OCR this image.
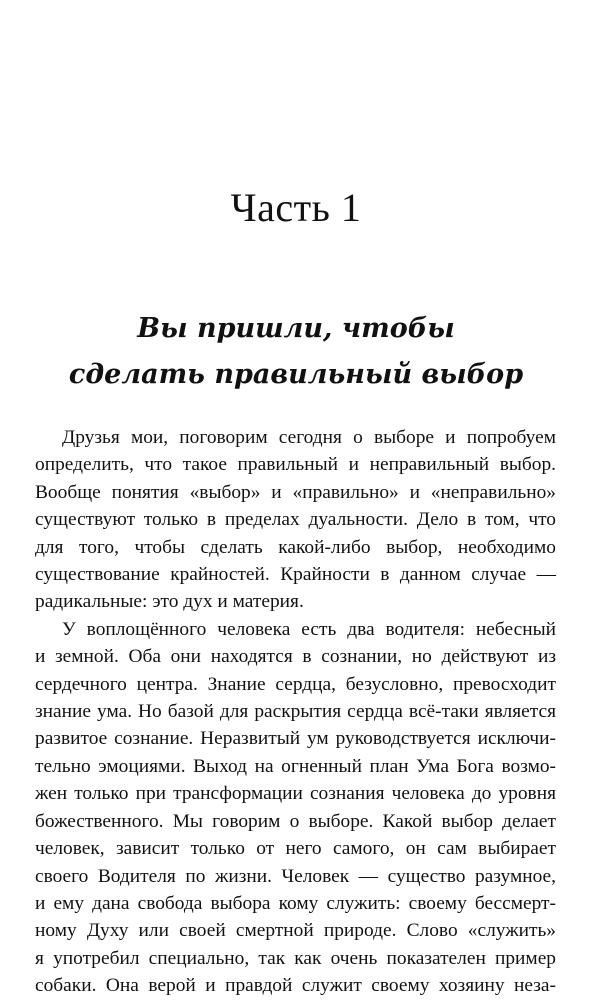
Часть 1
Вы пришли, чтобы
сделать правильный выбор
Друзья мои, поговорим сегодня о выборе и попробуем
определить, что такое правильный и неправильный выбор.
Вообще понятия «выбор» и «правильно» и «неправильно»
существуют только в пределах дуальности. Дело в том, что
для того, чтобы сделать какой-либо выбор, необходимо
существование крайностей. Крайности в данном случае —
радикальные: это дух и материя.
У воплощённого человека есть два водителя: небесный
и земной. Оба они находятся в сознании, но действуют из
сердечного центра. Знание сердца, безусловно, превосходит
знание ума. Но базой для раскрытия сердца всё-таки является
развитое сознание. Неразвитый ум руководствуется исключи-
тельно эмоциями. Выход на огненный план Ума Бога возмо-
жен только при трансформации сознания человека до уровня
божественного. Мы говорим о выборе. Какой выбор делает
человек, зависит только от него самого, он сам выбирает
своего Водителя по жизни. Человек — существо разумное,
и ему дана свобода выбора кому служить: своему бессмерт-
ному Духу или своей смертной природе. Слово «служить»
я употребил специально, так как очень показателен пример
собаки. Она верой и правдой служит своему хозяину неза-
